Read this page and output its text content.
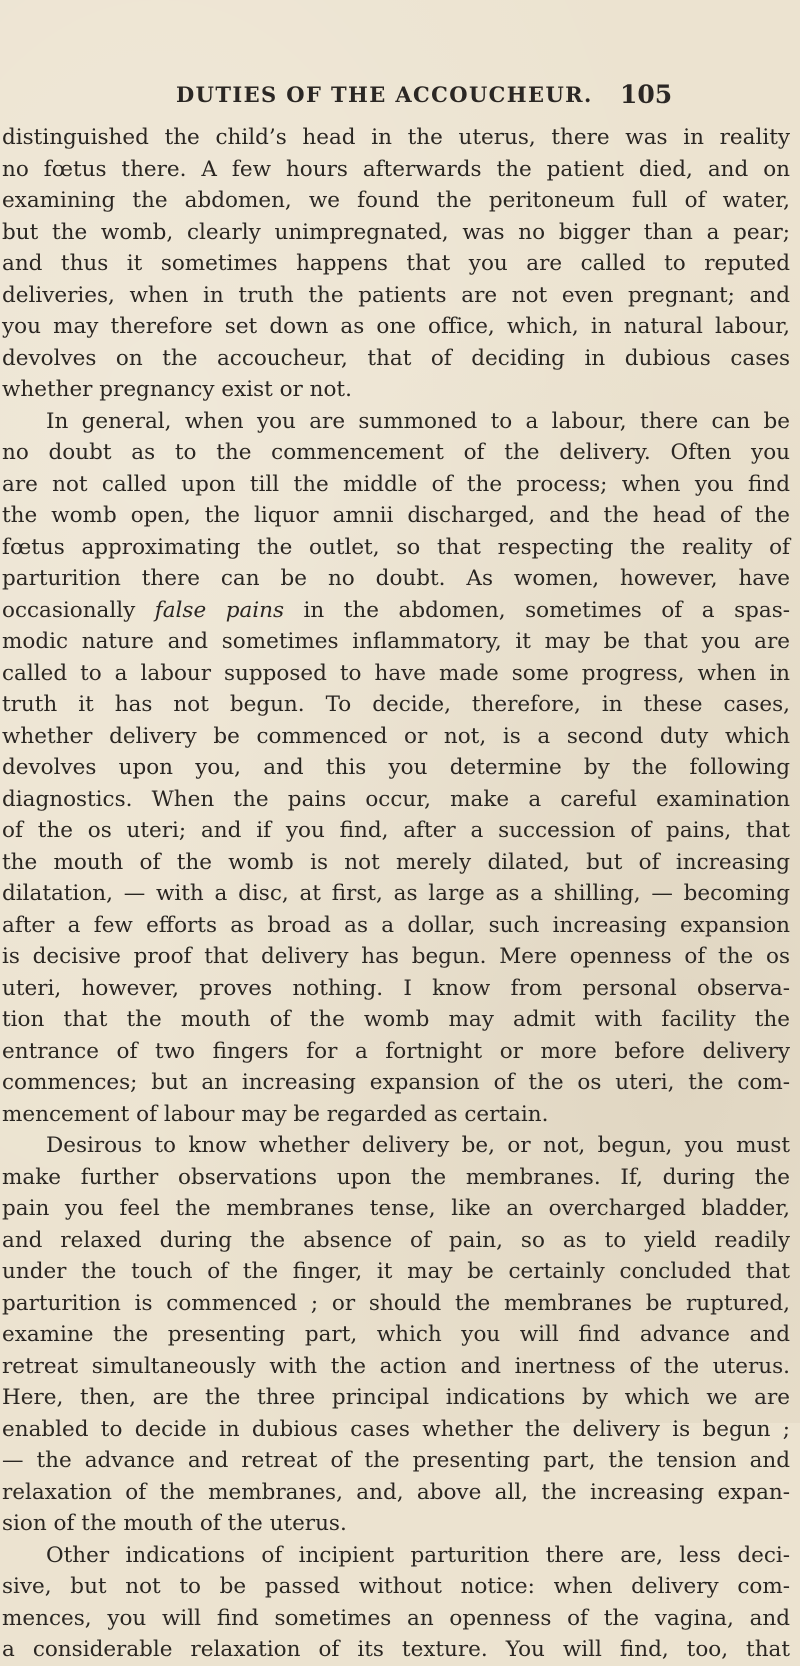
DUTIES OF THE ACCOUCHEUR. 105
distinguished the child’s head in the uterus, there was in reality
no fœtus there. A few hours afterwards the patient died, and on
examining the abdomen, we found the peritoneum full of water,
but the womb, clearly unimpregnated, was no bigger than a pear;
and thus it sometimes happens that you are called to reputed
deliveries, when in truth the patients are not even pregnant; and
you may therefore set down as one office, which, in natural labour,
devolves on the accoucheur, that of deciding in dubious cases
whether pregnancy exist or not.
In general, when you are summoned to a labour, there can be
no doubt as to the commencement of the delivery. Often you
are not called upon till the middle of the process; when you find
the womb open, the liquor amnii discharged, and the head of the
fœtus approximating the outlet, so that respecting the reality of
parturition there can be no doubt. As women, however, have
occasionally false pains in the abdomen, sometimes of a spas-
modic nature and sometimes inflammatory, it may be that you are
called to a labour supposed to have made some progress, when in
truth it has not begun. To decide, therefore, in these cases,
whether delivery be commenced or not, is a second duty which
devolves upon you, and this you determine by the following
diagnostics. When the pains occur, make a careful examination
of the os uteri; and if you find, after a succession of pains, that
the mouth of the womb is not merely dilated, but of increasing
dilatation, — with a disc, at first, as large as a shilling, — becoming
after a few efforts as broad as a dollar, such increasing expansion
is decisive proof that delivery has begun. Mere openness of the os
uteri, however, proves nothing. I know from personal observa-
tion that the mouth of the womb may admit with facility the
entrance of two fingers for a fortnight or more before delivery
commences; but an increasing expansion of the os uteri, the com-
mencement of labour may be regarded as certain.
Desirous to know whether delivery be, or not, begun, you must
make further observations upon the membranes. If, during the
pain you feel the membranes tense, like an overcharged bladder,
and relaxed during the absence of pain, so as to yield readily
under the touch of the finger, it may be certainly concluded that
parturition is commenced ; or should the membranes be ruptured,
examine the presenting part, which you will find advance and
retreat simultaneously with the action and inertness of the uterus.
Here, then, are the three principal indications by which we are
enabled to decide in dubious cases whether the delivery is begun ;
— the advance and retreat of the presenting part, the tension and
relaxation of the membranes, and, above all, the increasing expan-
sion of the mouth of the uterus.
Other indications of incipient parturition there are, less deci-
sive, but not to be passed without notice: when delivery com-
mences, you will find sometimes an openness of the vagina, and
a considerable relaxation of its texture. You will find, too, that
